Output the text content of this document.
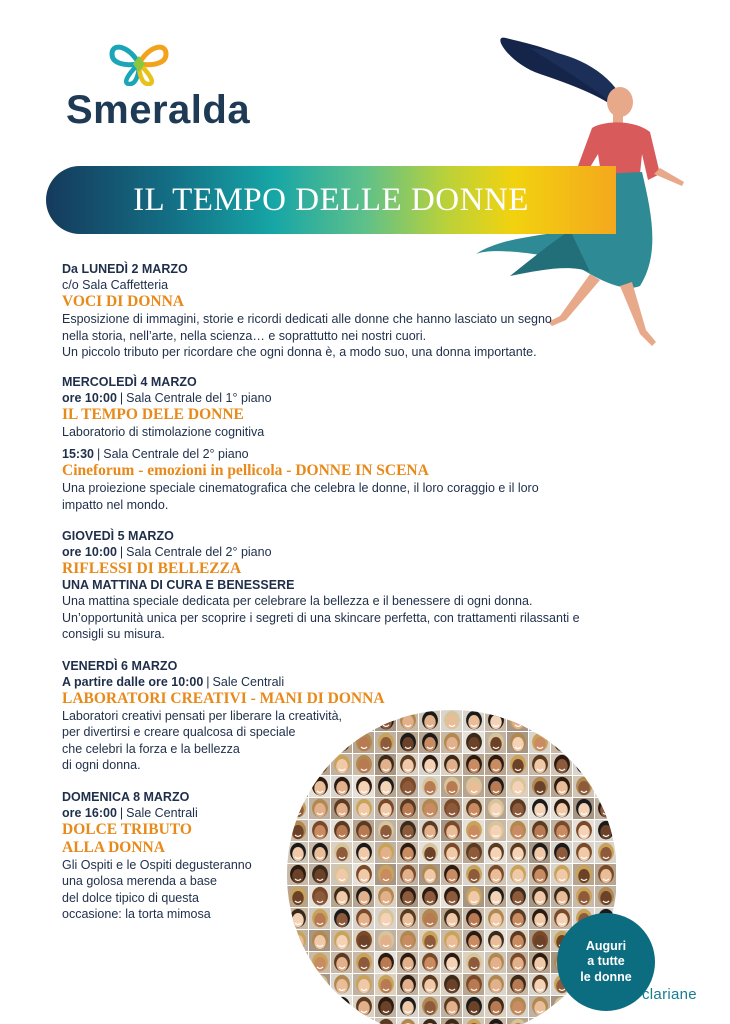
Smeralda
IL TEMPO DELLE DONNE
Da LUNEDÌ 2 MARZO
c/o Sala Caffetteria
VOCI DI DONNA
Esposizione di immagini, storie e ricordi dedicati alle donne che hanno lasciato un segno
nella storia, nell’arte, nella scienza… e soprattutto nei nostri cuori.
Un piccolo tributo per ricordare che ogni donna è, a modo suo, una donna importante.
MERCOLEDÌ 4 MARZO
ore 10:00 | Sala Centrale del 1° piano
IL TEMPO DELE DONNE
Laboratorio di stimolazione cognitiva
15:30 | Sala Centrale del 2° piano
Cineforum - emozioni in pellicola - DONNE IN SCENA
Una proiezione speciale cinematografica che celebra le donne, il loro coraggio e il loro
impatto nel mondo.
GIOVEDÌ 5 MARZO
ore 10:00 | Sala Centrale del 2° piano
RIFLESSI DI BELLEZZA
UNA MATTINA DI CURA E BENESSERE
Una mattina speciale dedicata per celebrare la bellezza e il benessere di ogni donna.
Un’opportunità unica per scoprire i segreti di una skincare perfetta, con trattamenti rilassanti e
consigli su misura.
VENERDÌ 6 MARZO
A partire dalle ore 10:00 | Sale Centrali
LABORATORI CREATIVI - MANI DI DONNA
Laboratori creativi pensati per liberare la creatività,
per divertirsi e creare qualcosa di speciale
che celebri la forza e la bellezza
di ogni donna.
DOMENICA 8 MARZO
ore 16:00 | Sale Centrali
DOLCE TRIBUTO
ALLA DONNA
Gli Ospiti e le Ospiti degusteranno
una golosa merenda a base
del dolce tipico di questa
occasione: la torta mimosa
Auguri
a tutte
le donne
clariane
